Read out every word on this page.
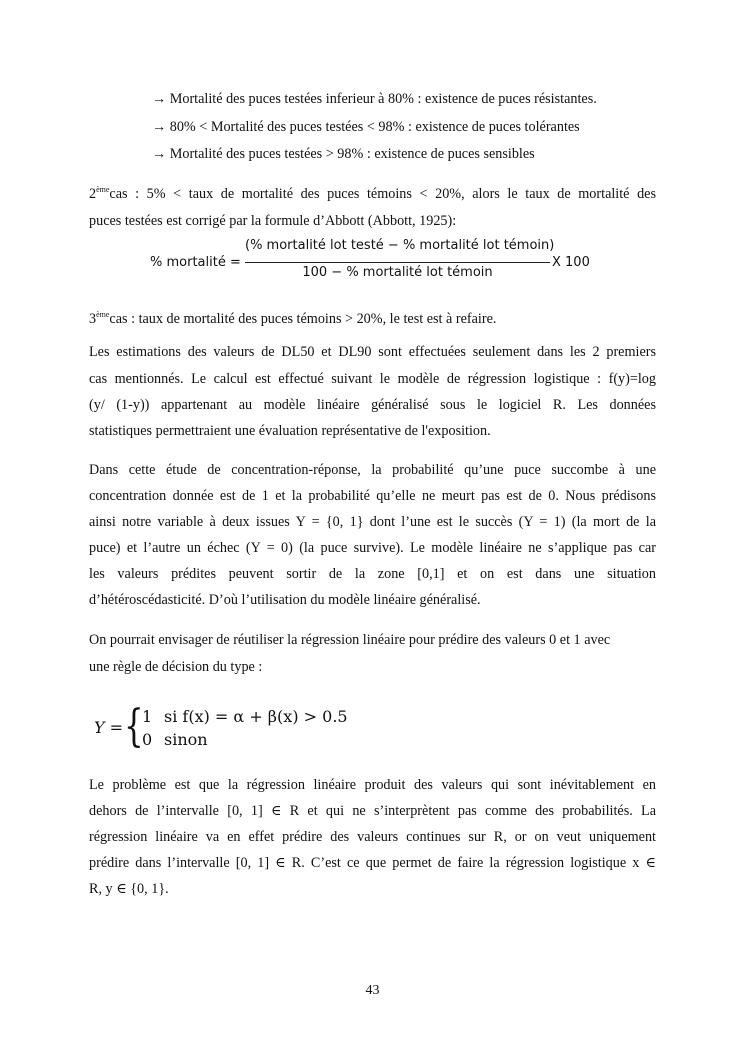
→ Mortalité des puces testées inferieur à 80% : existence de puces résistantes.
→ 80% < Mortalité des puces testées < 98% : existence de puces tolérantes
→ Mortalité des puces testées > 98% : existence de puces sensibles
2èmecas : 5% < taux de mortalité des puces témoins < 20%, alors le taux de mortalité des
puces testées est corrigé par la formule d’Abbott (Abbott, 1925):
% mortalité =
(% mortalité lot testé − % mortalité lot témoin)
100 − % mortalité lot témoin
X 100
3èmecas : taux de mortalité des puces témoins > 20%, le test est à refaire.
Les estimations des valeurs de DL50 et DL90 sont effectuées seulement dans les 2 premiers
cas mentionnés. Le calcul est effectué suivant le modèle de régression logistique : f(y)=log
(y/ (1-y)) appartenant au modèle linéaire généralisé sous le logiciel R. Les données
statistiques permettraient une évaluation représentative de l'exposition.
Dans cette étude de concentration-réponse, la probabilité qu’une puce succombe à une
concentration donnée est de 1 et la probabilité qu’elle ne meurt pas est de 0. Nous prédisons
ainsi notre variable à deux issues Y = {0, 1} dont l’une est le succès (Y = 1) (la mort de la
puce) et l’autre un échec (Y = 0) (la puce survive). Le modèle linéaire ne s’applique pas car
les valeurs prédites peuvent sortir de la zone [0,1] et on est dans une situation
d’hétéroscédasticité. D’où l’utilisation du modèle linéaire généralisé.
On pourrait envisager de réutiliser la régression linéaire pour prédire des valeurs 0 et 1 avec
une règle de décision du type :
Y = {
1 si f(x) = α + β(x) > 0.5
0 sinon
Le problème est que la régression linéaire produit des valeurs qui sont inévitablement en
dehors de l’intervalle [0, 1] ∈ R et qui ne s’interprètent pas comme des probabilités. La
régression linéaire va en effet prédire des valeurs continues sur R, or on veut uniquement
prédire dans l’intervalle [0, 1] ∈ R. C’est ce que permet de faire la régression logistique x ∈
R, y ∈ {0, 1}.
43
